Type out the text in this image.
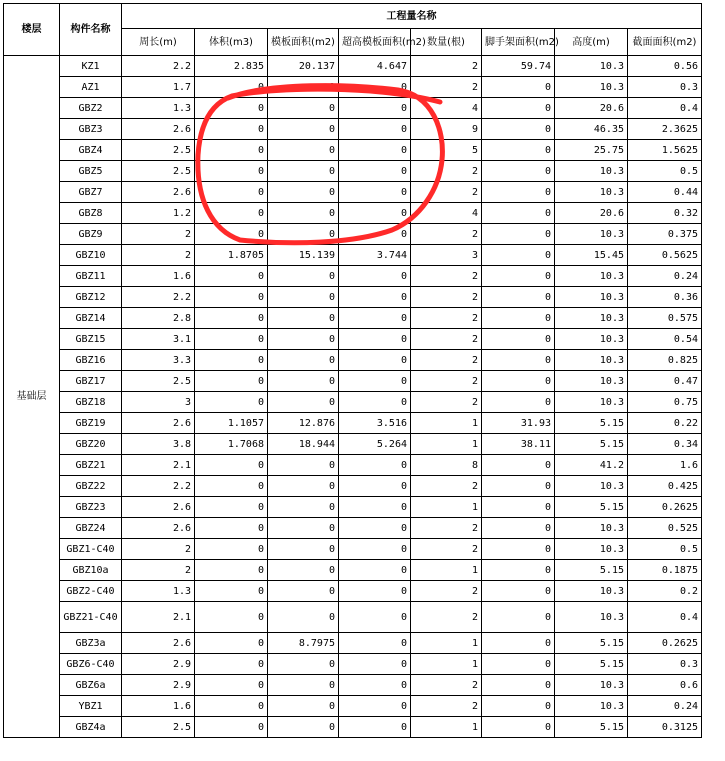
楼层	构件名称	工程量名称							
		周长(m)	体积(m3)	模板面积(m2)	超高模板面积(m2)	数量(根)	脚手架面积(m2)	高度(m)	截面面积(m2)
基础层	KZ1	2.2	2.835	20.137	4.647	2	59.74	10.3	0.56
	AZ1	1.7	0	0	0	2	0	10.3	0.3
	GBZ2	1.3	0	0	0	4	0	20.6	0.4
	GBZ3	2.6	0	0	0	9	0	46.35	2.3625
	GBZ4	2.5	0	0	0	5	0	25.75	1.5625
	GBZ5	2.5	0	0	0	2	0	10.3	0.5
	GBZ7	2.6	0	0	0	2	0	10.3	0.44
	GBZ8	1.2	0	0	0	4	0	20.6	0.32
	GBZ9	2	0	0	0	2	0	10.3	0.375
	GBZ10	2	1.8705	15.139	3.744	3	0	15.45	0.5625
	GBZ11	1.6	0	0	0	2	0	10.3	0.24
	GBZ12	2.2	0	0	0	2	0	10.3	0.36
	GBZ14	2.8	0	0	0	2	0	10.3	0.575
	GBZ15	3.1	0	0	0	2	0	10.3	0.54
	GBZ16	3.3	0	0	0	2	0	10.3	0.825
	GBZ17	2.5	0	0	0	2	0	10.3	0.47
	GBZ18	3	0	0	0	2	0	10.3	0.75
	GBZ19	2.6	1.1057	12.876	3.516	1	31.93	5.15	0.22
	GBZ20	3.8	1.7068	18.944	5.264	1	38.11	5.15	0.34
	GBZ21	2.1	0	0	0	8	0	41.2	1.6
	GBZ22	2.2	0	0	0	2	0	10.3	0.425
	GBZ23	2.6	0	0	0	1	0	5.15	0.2625
	GBZ24	2.6	0	0	0	2	0	10.3	0.525
	GBZ1-C40	2	0	0	0	2	0	10.3	0.5
	GBZ10a	2	0	0	0	1	0	5.15	0.1875
	GBZ2-C40	1.3	0	0	0	2	0	10.3	0.2
	GBZ21-C40	2.1	0	0	0	2	0	10.3	0.4
	GBZ3a	2.6	0	8.7975	0	1	0	5.15	0.2625
	GBZ6-C40	2.9	0	0	0	1	0	5.15	0.3
	GBZ6a	2.9	0	0	0	2	0	10.3	0.6
	YBZ1	1.6	0	0	0	2	0	10.3	0.24
	GBZ4a	2.5	0	0	0	1	0	5.15	0.3125
